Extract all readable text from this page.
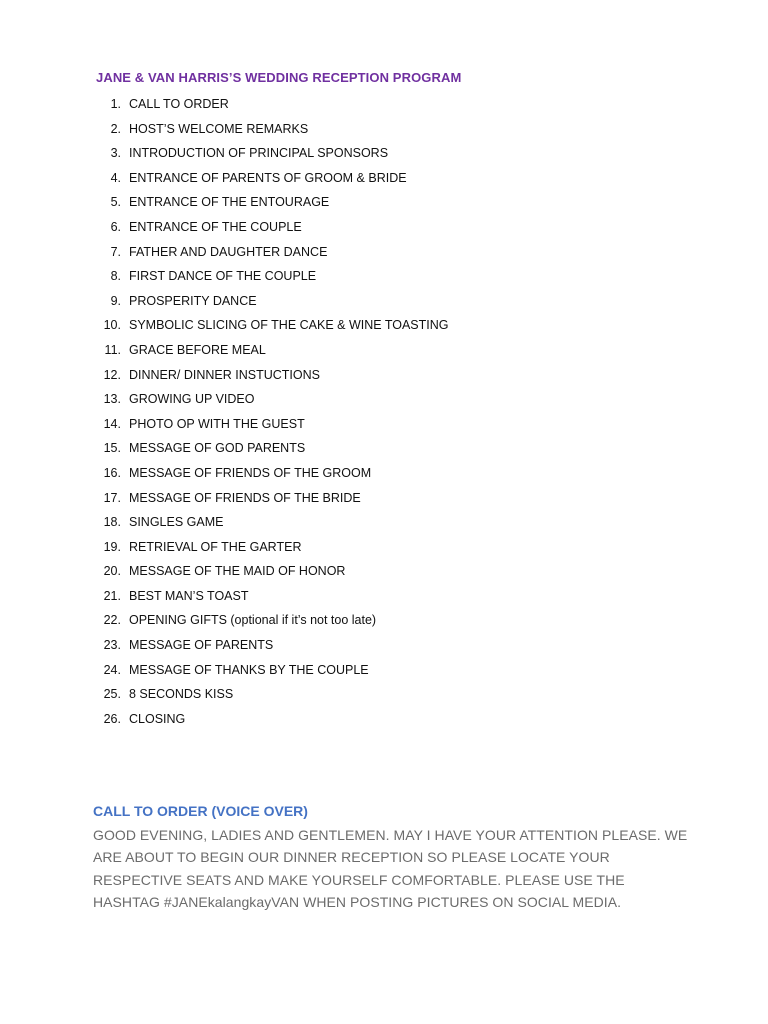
JANE & VAN HARRIS’S WEDDING RECEPTION PROGRAM
1. CALL TO ORDER
2. HOST’S WELCOME REMARKS
3. INTRODUCTION OF PRINCIPAL SPONSORS
4. ENTRANCE OF PARENTS OF GROOM & BRIDE
5. ENTRANCE OF THE ENTOURAGE
6. ENTRANCE OF THE COUPLE
7. FATHER AND DAUGHTER DANCE
8. FIRST DANCE OF THE COUPLE
9. PROSPERITY DANCE
10. SYMBOLIC SLICING OF THE CAKE & WINE TOASTING
11. GRACE BEFORE MEAL
12. DINNER/ DINNER INSTUCTIONS
13. GROWING UP VIDEO
14. PHOTO OP WITH THE GUEST
15. MESSAGE OF GOD PARENTS
16. MESSAGE OF FRIENDS OF THE GROOM
17. MESSAGE OF FRIENDS OF THE BRIDE
18. SINGLES GAME
19. RETRIEVAL OF THE GARTER
20. MESSAGE OF THE MAID OF HONOR
21. BEST MAN’S TOAST
22. OPENING GIFTS (optional if it’s not too late)
23. MESSAGE OF PARENTS
24. MESSAGE OF THANKS BY THE COUPLE
25. 8 SECONDS KISS
26. CLOSING
CALL TO ORDER (VOICE OVER)
GOOD EVENING, LADIES AND GENTLEMEN. MAY I HAVE YOUR ATTENTION PLEASE. WE ARE ABOUT TO BEGIN OUR DINNER RECEPTION SO PLEASE LOCATE YOUR RESPECTIVE SEATS AND MAKE YOURSELF COMFORTABLE. PLEASE USE THE HASHTAG #JANEkalangkayVAN WHEN POSTING PICTURES ON SOCIAL MEDIA.
